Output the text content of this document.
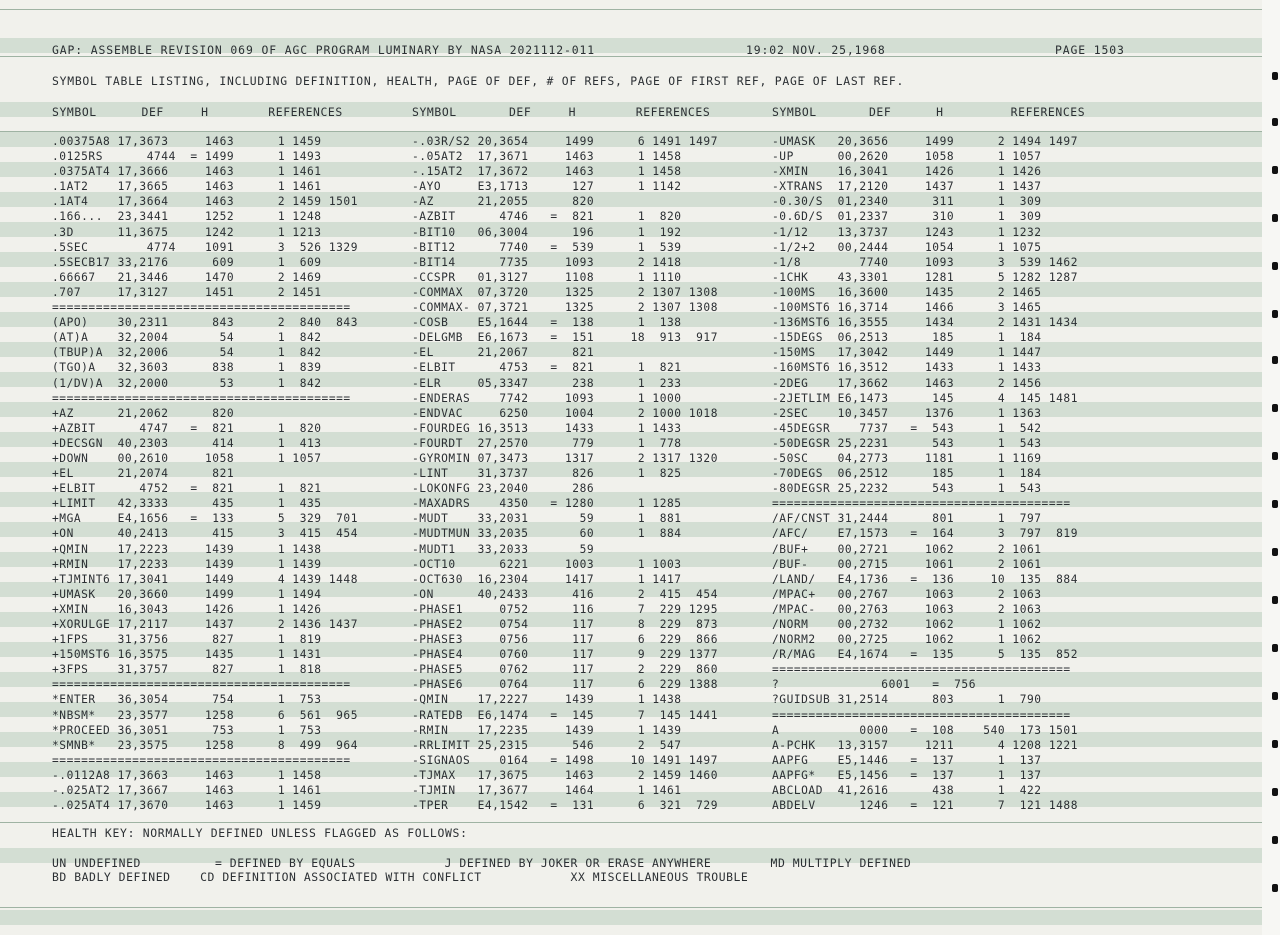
GAP: ASSEMBLE REVISION 069 OF AGC PROGRAM LUMINARY BY NASA 2021112-011	19:02 NOV. 25,1968	PAGE 1503
SYMBOL TABLE LISTING, INCLUDING DEFINITION, HEALTH, PAGE OF DEF, # OF REFS, PAGE OF FIRST REF, PAGE OF LAST REF.
SYMBOL      DEF     H        REFERENCES	SYMBOL       DEF     H        REFERENCES	SYMBOL       DEF      H         REFERENCES
.00375A8 17,3673     1463      1 1459
.0125RS      4744  = 1499      1 1493
.0375AT4 17,3666     1463      1 1461
.1AT2    17,3665     1463      1 1461
.1AT4    17,3664     1463      2 1459 1501
.166...  23,3441     1252      1 1248
.3D      11,3675     1242      1 1213
.5SEC        4774    1091      3  526 1329
.5SECB17 33,2176      609      1  609
.66667   21,3446     1470      2 1469
.707     17,3127     1451      2 1451
=========================================
(APO)    30,2311      843      2  840  843
(AT)A    32,2004       54      1  842
(TBUP)A  32,2006       54      1  842
(TGO)A   32,3603      838      1  839
(1/DV)A  32,2000       53      1  842
=========================================
+AZ      21,2062      820
+AZBIT      4747   =  821      1  820
+DECSGN  40,2303      414      1  413
+DOWN    00,2610     1058      1 1057
+EL      21,2074      821
+ELBIT      4752   =  821      1  821
+LIMIT   42,3333      435      1  435
+MGA     E4,1656   =  133      5  329  701
+ON      40,2413      415      3  415  454
+QMIN    17,2223     1439      1 1438
+RMIN    17,2233     1439      1 1439
+TJMINT6 17,3041     1449      4 1439 1448
+UMASK   20,3660     1499      1 1494
+XMIN    16,3043     1426      1 1426
+XORULGE 17,2117     1437      2 1436 1437
+1FPS    31,3756      827      1  819
+150MST6 16,3575     1435      1 1431
+3FPS    31,3757      827      1  818
=========================================
*ENTER   36,3054      754      1  753
*NBSM*   23,3577     1258      6  561  965
*PROCEED 36,3051      753      1  753
*SMNB*   23,3575     1258      8  499  964
=========================================
-.0112A8 17,3663     1463      1 1458
-.025AT2 17,3667     1463      1 1461
-.025AT4 17,3670     1463      1 1459
-.03R/S2 20,3654     1499      6 1491 1497
-.05AT2  17,3671     1463      1 1458
-.15AT2  17,3672     1463      1 1458
-AYO     E3,1713      127      1 1142
-AZ      21,2055      820
-AZBIT      4746   =  821      1  820
-BIT10   06,3004      196      1  192
-BIT12      7740   =  539      1  539
-BIT14      7735     1093      2 1418
-CCSPR   01,3127     1108      1 1110
-COMMAX  07,3720     1325      2 1307 1308
-COMMAX- 07,3721     1325      2 1307 1308
-COSB    E5,1644   =  138      1  138
-DELGMB  E6,1673   =  151     18  913  917
-EL      21,2067      821
-ELBIT      4753   =  821      1  821
-ELR     05,3347      238      1  233
-ENDERAS    7742     1093      1 1000
-ENDVAC     6250     1004      2 1000 1018
-FOURDEG 16,3513     1433      1 1433
-FOURDT  27,2570      779      1  778
-GYROMIN 07,3473     1317      2 1317 1320
-LINT    31,3737      826      1  825
-LOKONFG 23,2040      286
-MAXADRS    4350   = 1280      1 1285
-MUDT    33,2031       59      1  881
-MUDTMUN 33,2035       60      1  884
-MUDT1   33,2033       59
-OCT10      6221     1003      1 1003
-OCT630  16,2304     1417      1 1417
-ON      40,2433      416      2  415  454
-PHASE1     0752      116      7  229 1295
-PHASE2     0754      117      8  229  873
-PHASE3     0756      117      6  229  866
-PHASE4     0760      117      9  229 1377
-PHASE5     0762      117      2  229  860
-PHASE6     0764      117      6  229 1388
-QMIN    17,2227     1439      1 1438
-RATEDB  E6,1474   =  145      7  145 1441
-RMIN    17,2235     1439      1 1439
-RRLIMIT 25,2315      546      2  547
-SIGNAOS    0164   = 1498     10 1491 1497
-TJMAX   17,3675     1463      2 1459 1460
-TJMIN   17,3677     1464      1 1461
-TPER    E4,1542   =  131      6  321  729
-UMASK   20,3656     1499      2 1494 1497
-UP      00,2620     1058      1 1057
-XMIN    16,3041     1426      1 1426
-XTRANS  17,2120     1437      1 1437
-0.30/S  01,2340      311      1  309
-0.6D/S  01,2337      310      1  309
-1/12    13,3737     1243      1 1232
-1/2+2   00,2444     1054      1 1075
-1/8        7740     1093      3  539 1462
-1CHK    43,3301     1281      5 1282 1287
-100MS   16,3600     1435      2 1465
-100MST6 16,3714     1466      3 1465
-136MST6 16,3555     1434      2 1431 1434
-15DEGS  06,2513      185      1  184
-150MS   17,3042     1449      1 1447
-160MST6 16,3512     1433      1 1433
-2DEG    17,3662     1463      2 1456
-2JETLIM E6,1473      145      4  145 1481
-2SEC    10,3457     1376      1 1363
-45DEGSR    7737   =  543      1  542
-50DEGSR 25,2231      543      1  543
-50SC    04,2773     1181      1 1169
-70DEGS  06,2512      185      1  184
-80DEGSR 25,2232      543      1  543
=========================================
/AF/CNST 31,2444      801      1  797
/AFC/    E7,1573   =  164      3  797  819
/BUF+    00,2721     1062      2 1061
/BUF-    00,2715     1061      2 1061
/LAND/   E4,1736   =  136     10  135  884
/MPAC+   00,2767     1063      2 1063
/MPAC-   00,2763     1063      2 1063
/NORM    00,2732     1062      1 1062
/NORM2   00,2725     1062      1 1062
/R/MAG   E4,1674   =  135      5  135  852
=========================================
?              6001   =  756
?GUIDSUB 31,2514      803      1  790
=========================================
A           0000   =  108    540  173 1501
A-PCHK   13,3157     1211      4 1208 1221
AAPFG    E5,1446   =  137      1  137
AAPFG*   E5,1456   =  137      1  137
ABCLOAD  41,2616      438      1  422
ABDELV      1246   =  121      7  121 1488
HEALTH KEY: NORMALLY DEFINED UNLESS FLAGGED AS FOLLOWS:
UN UNDEFINED          = DEFINED BY EQUALS            J DEFINED BY JOKER OR ERASE ANYWHERE        MD MULTIPLY DEFINED
BD BADLY DEFINED    CD DEFINITION ASSOCIATED WITH CONFLICT            XX MISCELLANEOUS TROUBLE
